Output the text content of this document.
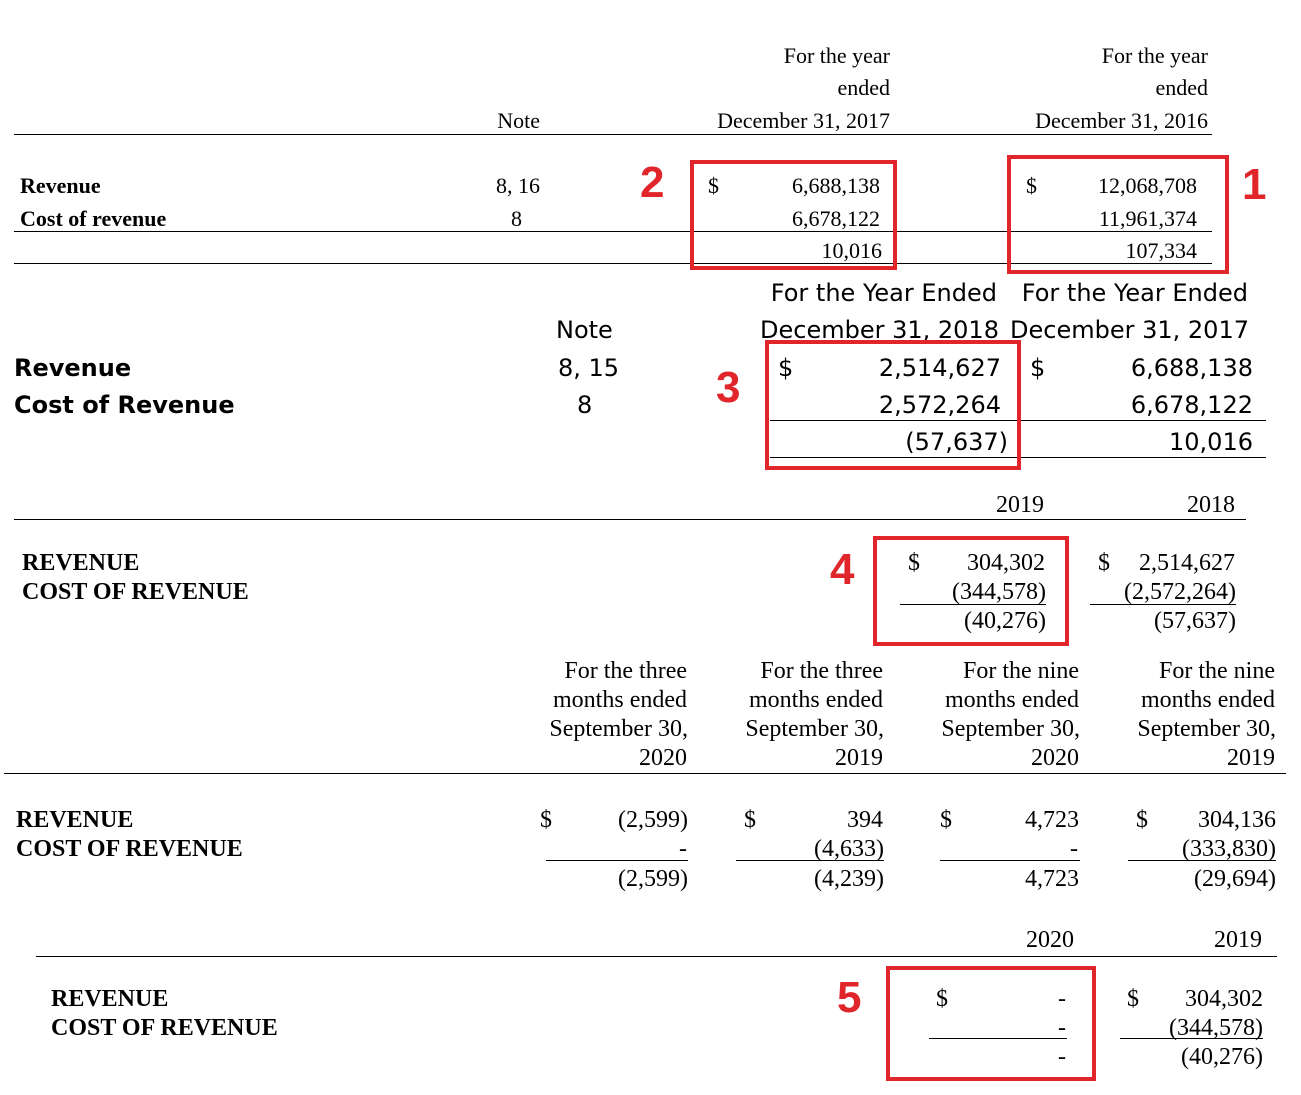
Note
For the year
ended
December 31, 2017
For the year
ended
December 31, 2016
Revenue	8, 16	$	6,688,138	$	12,068,708
Cost of revenue	8	6,678,122	11,961,374
10,016	107,334
For the Year Ended
December 31, 2018
For the Year Ended
December 31, 2017
Note
Revenue	8, 15	$	2,514,627 $	6,688,138
Cost of Revenue	8	2,572,264	6,678,122
(57,637)	10,016
2019	2018
REVENUE	$	304,302 $	2,514,627
COST OF REVENUE	(344,578)	(2,572,264)
(40,276)	(57,637)
For the three
months ended
September 30,
2020
For the three
months ended
September 30,
2019
For the nine
months ended
September 30,
2020
For the nine
months ended
September 30,
2019
REVENUE	$	(2,599) $	394 $	4,723 $	304,136
COST OF REVENUE	-	(4,633)	-	(333,830)
(2,599)	(4,239)	4,723	(29,694)
2020	2019
REVENUE	$	-	$	304,302
COST OF REVENUE	-	(344,578)
-	(40,276)
1
2
3
4
5
